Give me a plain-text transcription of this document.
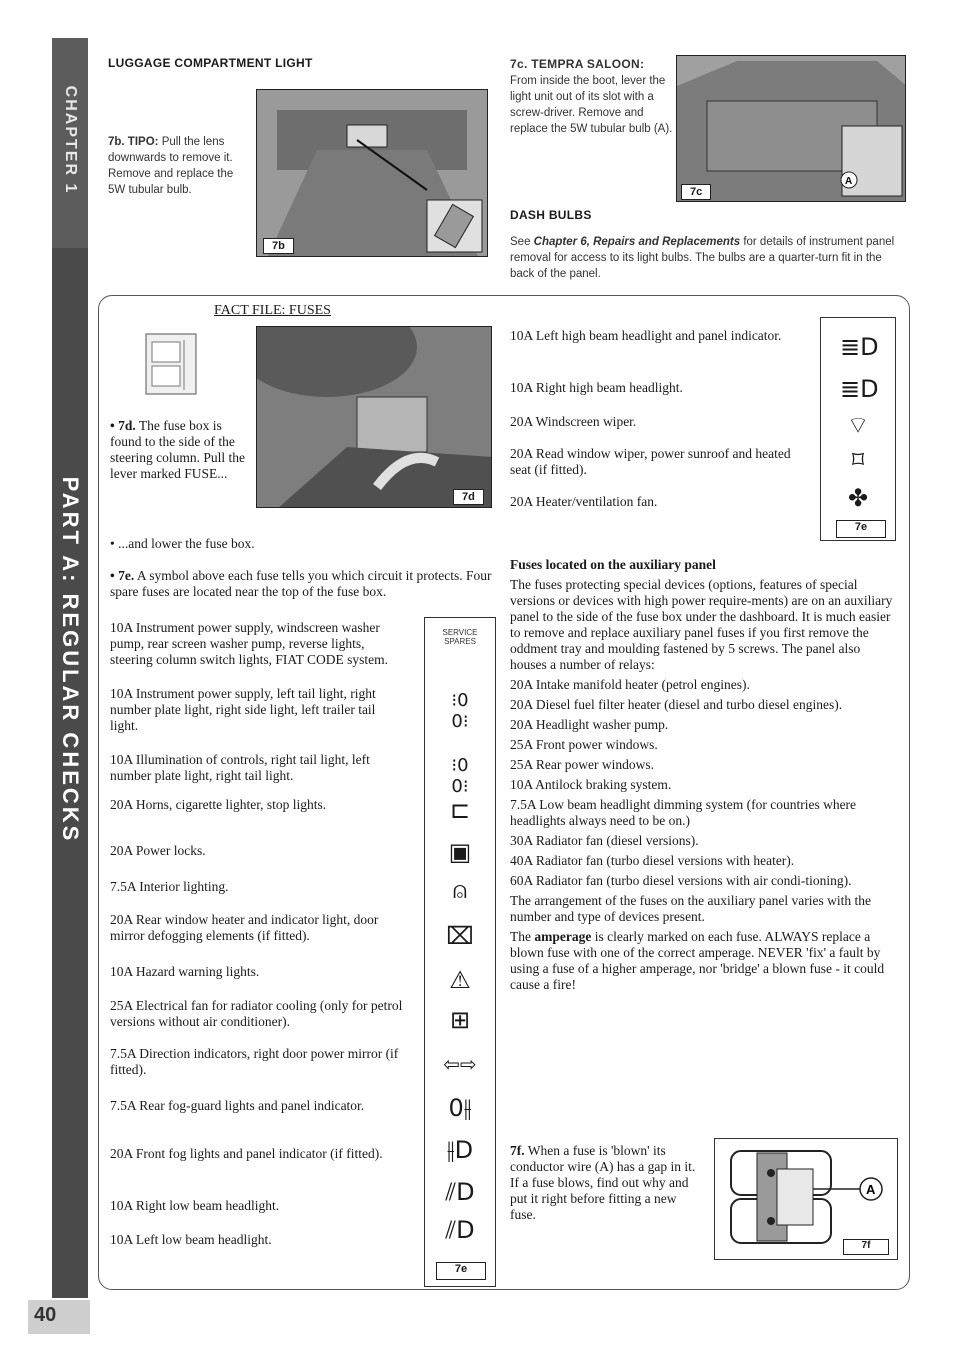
CHAPTER 1
PART A: REGULAR CHECKS
40
LUGGAGE COMPARTMENT LIGHT
7b. TIPO: Pull the lens downwards to remove it. Remove and replace the 5W tubular bulb.
7b
7c. TEMPRA SALOON:
From inside the boot, lever the light unit out of its slot with a screw-driver. Remove and replace the 5W tubular bulb (A).
A
7c
DASH BULBS
See Chapter 6, Repairs and Replacements for details of instrument panel removal for access to its light bulbs. The bulbs are a quarter-turn fit in the back of the panel.
FACT FILE: FUSES
• 7d. The fuse box is found to the side of the steering column. Pull the lever marked FUSE...
7d
• ...and lower the fuse box.
• 7e. A symbol above each fuse tells you which circuit it protects. Four spare fuses are located near the top of the fuse box.
10A Instrument power supply, windscreen washer pump, rear screen washer pump, reverse lights, steering column switch lights, FIAT CODE system.
10A Instrument power supply, left tail light, right number plate light, right side light, left trailer tail light.
10A Illumination of controls, right tail light, left number plate light, right tail light.
20A Horns, cigarette lighter, stop lights.
20A Power locks.
7.5A Interior lighting.
20A Rear window heater and indicator light, door mirror defogging elements (if fitted).
10A Hazard warning lights.
25A Electrical fan for radiator cooling (only for petrol versions without air conditioner).
7.5A Direction indicators, right door power mirror (if fitted).
7.5A Rear fog-guard lights and panel indicator.
20A Front fog lights and panel indicator (if fitted).
10A Right low beam headlight.
10A Left low beam headlight.
SERVICE
SPARES
⁝0 0⁝
⁝0 0⁝
⊏
▣
⍝
⌧
⚠
⊞
⇦⇨
0⫲
⫲D
⫽D
⫽D
7e
10A Left high beam headlight and panel indicator.
10A Right high beam headlight.
20A Windscreen wiper.
20A Read window wiper, power sunroof and heated seat (if fitted).
20A Heater/ventilation fan.
≣D
≣D
⌔
⌑
✤
7e

Fuses located on the auxiliary panel

The fuses protecting special devices (options, features of special versions or devices with high power require-ments) are on an auxiliary panel to the side of the fuse box under the dashboard. It is much easier to remove and replace auxiliary panel fuses if you first remove the oddment tray and moulding fastened by 5 screws. The panel also houses a number of relays:

20A Intake manifold heater (petrol engines).

20A Diesel fuel filter heater (diesel and turbo diesel engines).

20A Headlight washer pump.

25A Front power windows.

25A Rear power windows.

10A Antilock braking system.

7.5A Low beam headlight dimming system (for countries where headlights always need to be on.)

30A Radiator fan (diesel versions).

40A Radiator fan (turbo diesel versions with heater).

60A Radiator fan (turbo diesel versions with air condi-tioning).

The arrangement of the fuses on the auxiliary panel varies with the number and type of devices present.

The amperage is clearly marked on each fuse. ALWAYS replace a blown fuse with one of the correct amperage. NEVER 'fix' a fault by using a fuse of a higher amperage, nor 'bridge' a blown fuse - it could cause a fire!

7f. When a fuse is 'blown' its conductor wire (A) has a gap in it.
If a fuse blows, find out why and put it right before fitting a new fuse.
A
7f
